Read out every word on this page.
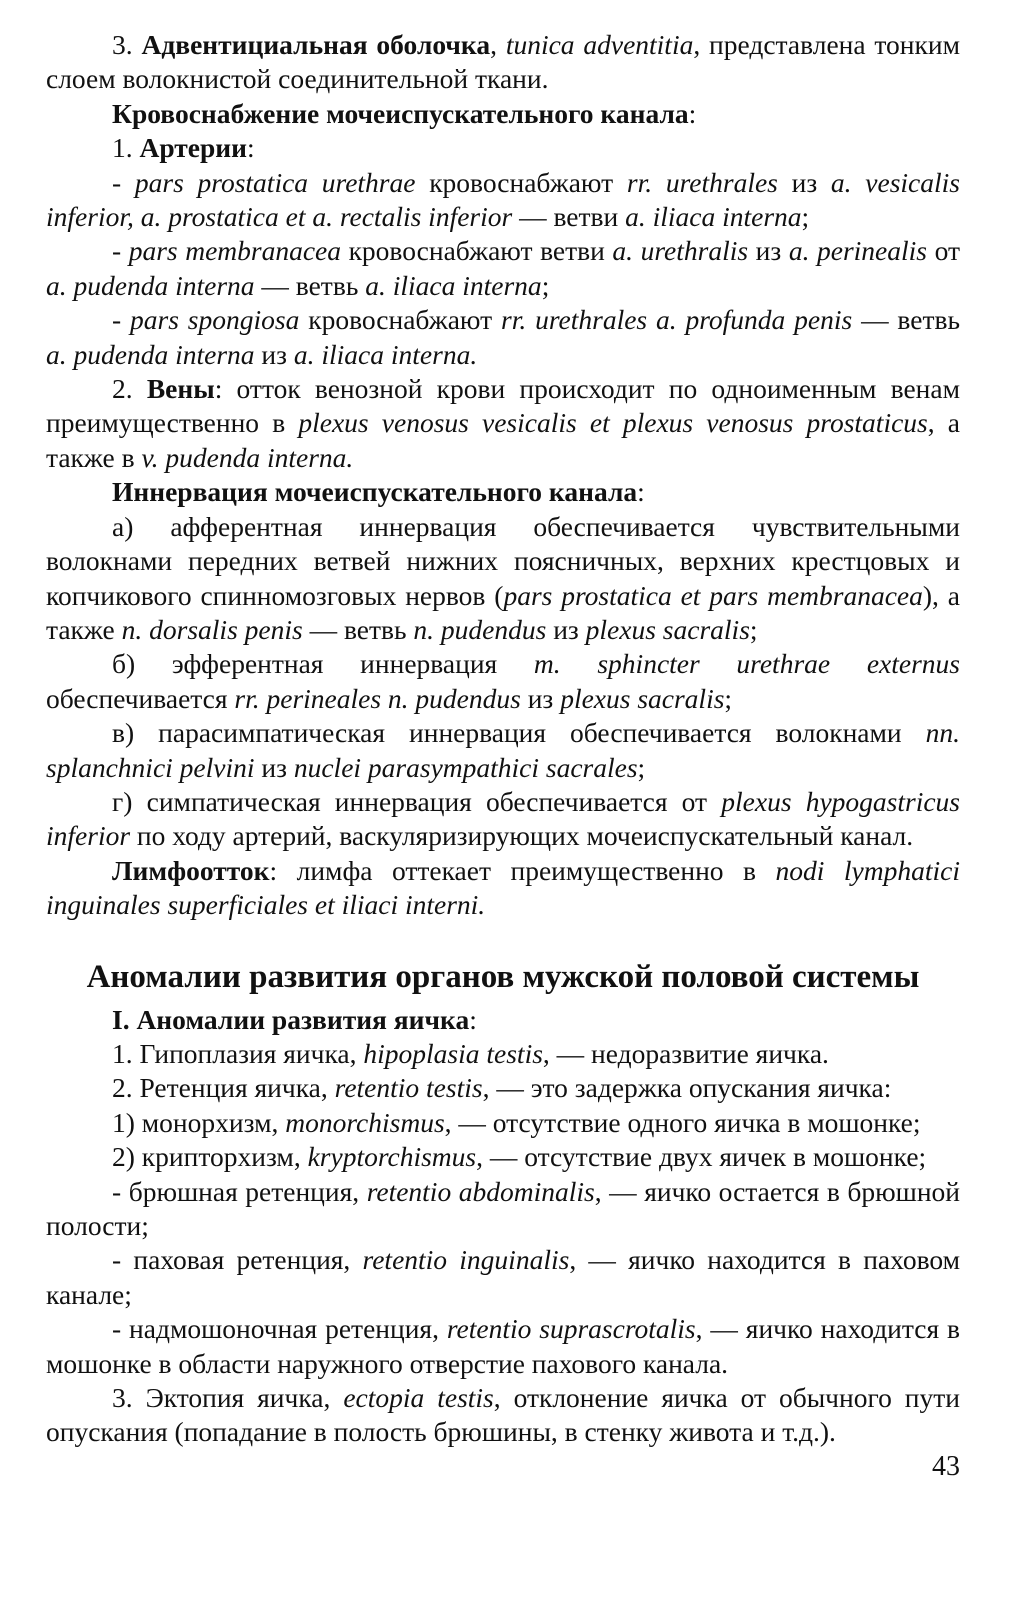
3. Адвентициальная оболочка, tunica adventitia, представлена тонким слоем волокнистой соединительной ткани.

Кровоснабжение мочеиспускательного канала:

1. Артерии:

- pars prostatica urethrae кровоснабжают rr. urethrales из a. vesicalis inferior, a. prostatica et a. rectalis inferior — ветви a. iliaca interna;

- pars membranacea кровоснабжают ветви a. urethralis из a. perinealis от a. pudenda interna — ветвь a. iliaca interna;

- pars spongiosa кровоснабжают rr. urethrales a. profunda penis — ветвь a. pudenda interna из a. iliaca interna.

2. Вены: отток венозной крови происходит по одноименным венам преимущественно в plexus venosus vesicalis et plexus venosus prostaticus, а также в v. pudenda interna.

Иннервация мочеиспускательного канала:

а) афферентная иннервация обеспечивается чувствительными волокнами передних ветвей нижних поясничных, верхних крестцовых и копчикового спинномозговых нервов (pars prostatica et pars membranacea), а также n. dorsalis penis — ветвь n. pudendus из plexus sacralis;

б) эфферентная иннервация m. sphincter urethrae externus обеспечивается rr. perineales n. pudendus из plexus sacralis;

в) парасимпатическая иннервация обеспечивается волокнами nn. splanchnici pelvini из nuclei parasympathici sacrales;

г) симпатическая иннервация обеспечивается от plexus hypogastricus inferior по ходу артерий, васкуляризирующих мочеиспускательный канал.

Лимфоотток: лимфа оттекает преимущественно в nodi lymphatici inguinales superficiales et iliaci interni.

Аномалии развития органов мужской половой системы

I. Аномалии развития яичка:

1. Гипоплазия яичка, hipoplasia testis, — недоразвитие яичка.

2. Ретенция яичка, retentio testis, — это задержка опускания яичка:

1) монорхизм, monorchismus, — отсутствие одного яичка в мошонке;

2) крипторхизм, kryptorchismus, — отсутствие двух яичек в мошонке;

- брюшная ретенция, retentio abdominalis, — яичко остается в брюшной полости;

- паховая ретенция, retentio inguinalis, — яичко находится в паховом канале;

- надмошоночная ретенция, retentio suprascrotalis, — яичко находится в мошонке в области наружного отверстие пахового канала.

3. Эктопия яичка, ectopia testis, отклонение яичка от обычного пути опускания (попадание в полость брюшины, в стенку живота и т.д.).

43
